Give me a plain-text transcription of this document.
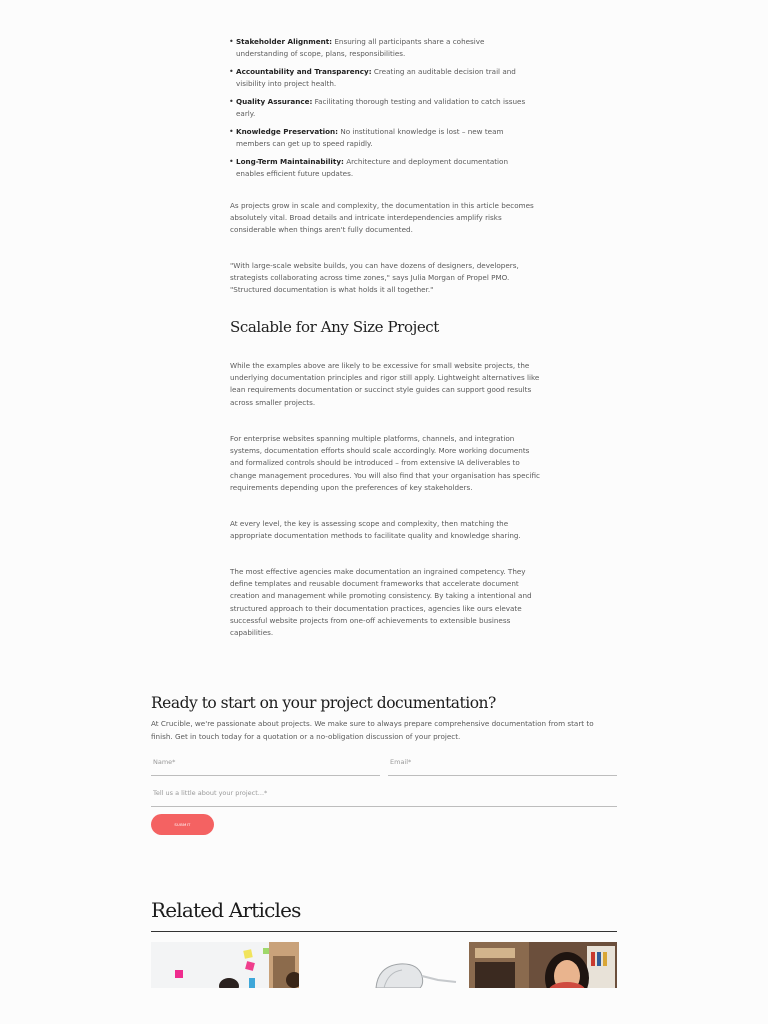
• Stakeholder Alignment: Ensuring all participants share a cohesive understanding of scope, plans, responsibilities.
• Accountability and Transparency: Creating an auditable decision trail and visibility into project health.
• Quality Assurance: Facilitating thorough testing and validation to catch issues early.
• Knowledge Preservation: No institutional knowledge is lost – new team members can get up to speed rapidly.
• Long-Term Maintainability: Architecture and deployment documentation enables efficient future updates.

As projects grow in scale and complexity, the documentation in this article becomes absolutely vital. Broad details and intricate interdependencies amplify risks considerable when things aren't fully documented.

"With large-scale website builds, you can have dozens of designers, developers, strategists collaborating across time zones," says Julia Morgan of Propel PMO. "Structured documentation is what holds it all together."

Scalable for Any Size Project

While the examples above are likely to be excessive for small website projects, the underlying documentation principles and rigor still apply. Lightweight alternatives like lean requirements documentation or succinct style guides can support good results across smaller projects.

For enterprise websites spanning multiple platforms, channels, and integration systems, documentation efforts should scale accordingly. More working documents and formalized controls should be introduced – from extensive IA deliverables to change management procedures. You will also find that your organisation has specific requirements depending upon the preferences of key stakeholders.

At every level, the key is assessing scope and complexity, then matching the appropriate documentation methods to facilitate quality and knowledge sharing.

The most effective agencies make documentation an ingrained competency. They define templates and reusable document frameworks that accelerate document creation and management while promoting consistency. By taking a intentional and structured approach to their documentation practices, agencies like ours elevate successful website projects from one-off achievements to extensible business capabilities.

Ready to start on your project documentation?

At Crucible, we're passionate about projects. We make sure to always prepare comprehensive documentation from start to finish. Get in touch today for a quotation or a no-obligation discussion of your project.

Name*	Email*
Tell us a little about your project...*
SUBMIT
Related Articles
